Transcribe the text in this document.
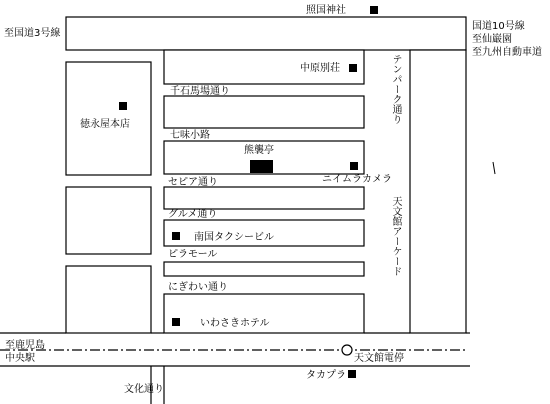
至国道3号線
国道10号線
至仙巌園
至九州自動車道
至鹿児島
中央駅
テンパーク通り
天文館アーケード
千石馬場通り
七味小路
セピア通り
グルメ通り
ピラモール
にぎわい通り
文化通り
照国神社
中原別荘
徳永屋本店
熊襲亭
ニイムラカメラ
南国タクシービル
いわさきホテル
天文館電停
タカプラ
